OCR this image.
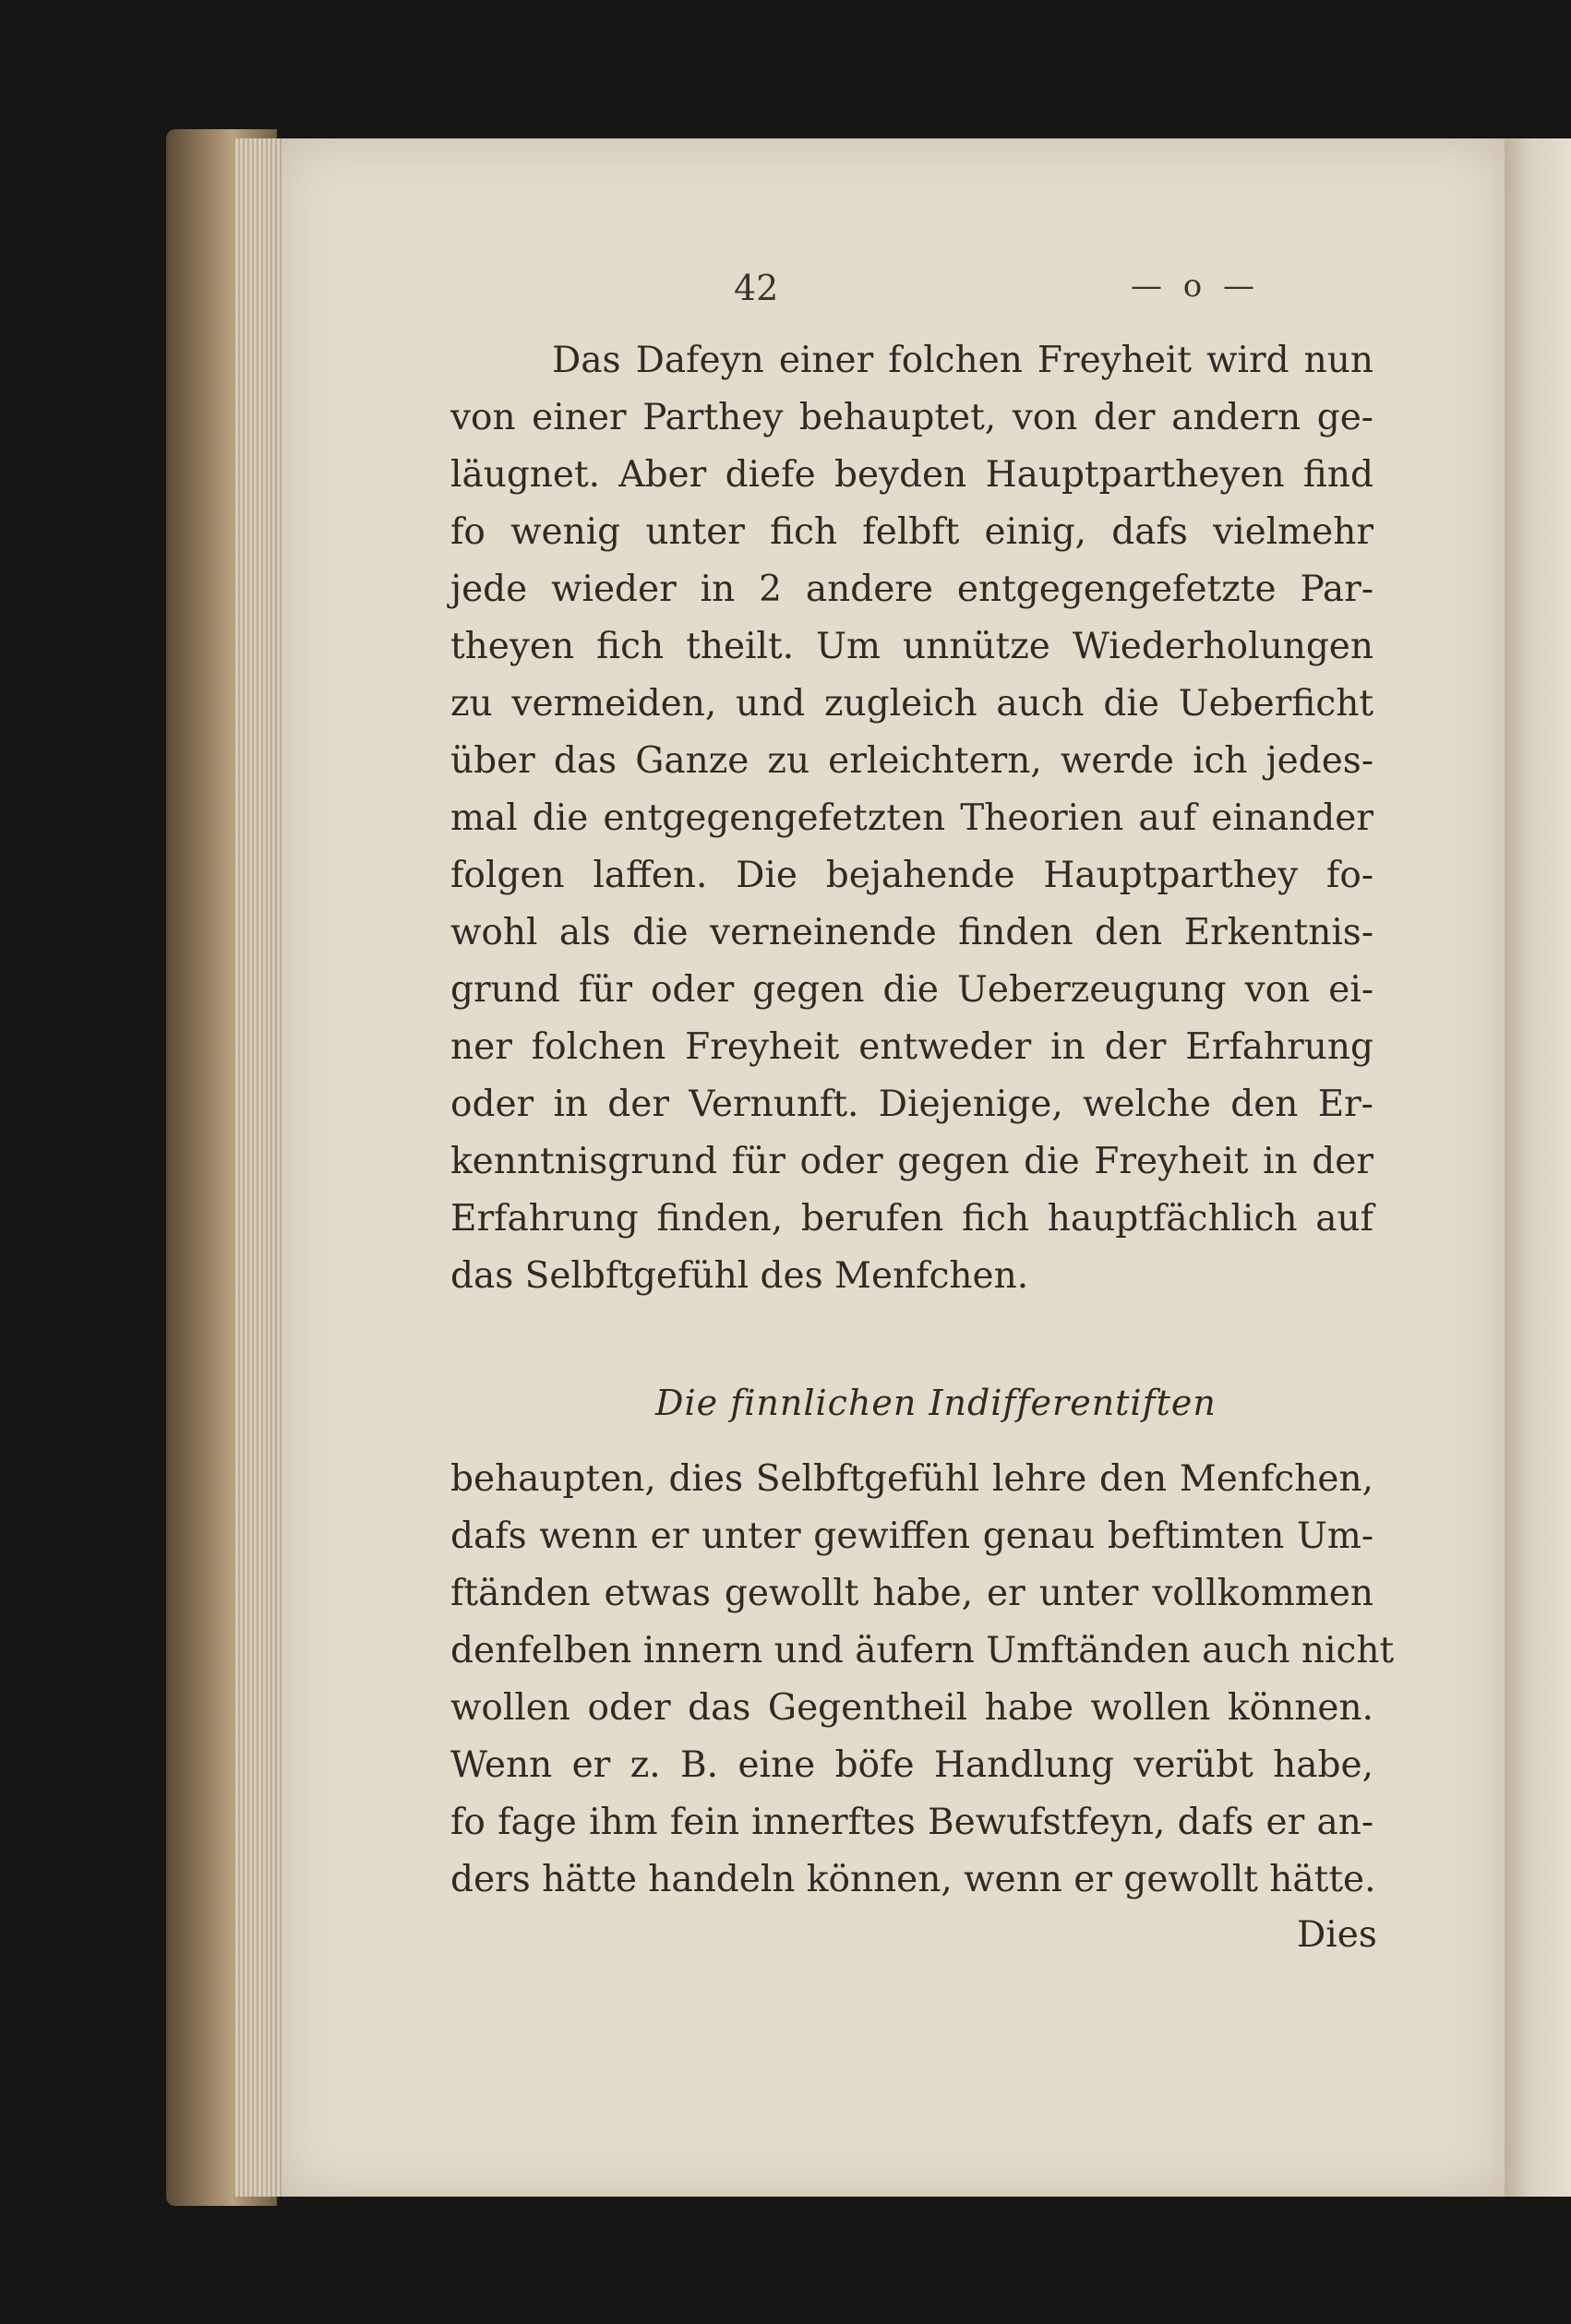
42	— o —
Das Dafeyn einer folchen Freyheit wird nun
von einer Parthey behauptet, von der andern ge-
läugnet. Aber diefe beyden Hauptpartheyen find
fo wenig unter fich felbft einig, dafs vielmehr
jede wieder in 2 andere entgegengefetzte Par-
theyen fich theilt. Um unnütze Wiederholungen
zu vermeiden, und zugleich auch die Ueberficht
über das Ganze zu erleichtern, werde ich jedes-
mal die entgegengefetzten Theorien auf einander
folgen laffen. Die bejahende Hauptparthey fo-
wohl als die verneinende finden den Erkentnis-
grund für oder gegen die Ueberzeugung von ei-
ner folchen Freyheit entweder in der Erfahrung
oder in der Vernunft. Diejenige, welche den Er-
kenntnisgrund für oder gegen die Freyheit in der
Erfahrung finden, berufen fich hauptfächlich auf
das Selbftgefühl des Menfchen.
Die finnlichen Indifferentiften
behaupten, dies Selbftgefühl lehre den Menfchen,
dafs wenn er unter gewiffen genau beftimten Um-
ftänden etwas gewollt habe, er unter vollkommen
denfelben innern und äufern Umftänden auch nicht
wollen oder das Gegentheil habe wollen können.
Wenn er z. B. eine böfe Handlung verübt habe,
fo fage ihm fein innerftes Bewufstfeyn, dafs er an-
ders hätte handeln können, wenn er gewollt hätte.
Dies
